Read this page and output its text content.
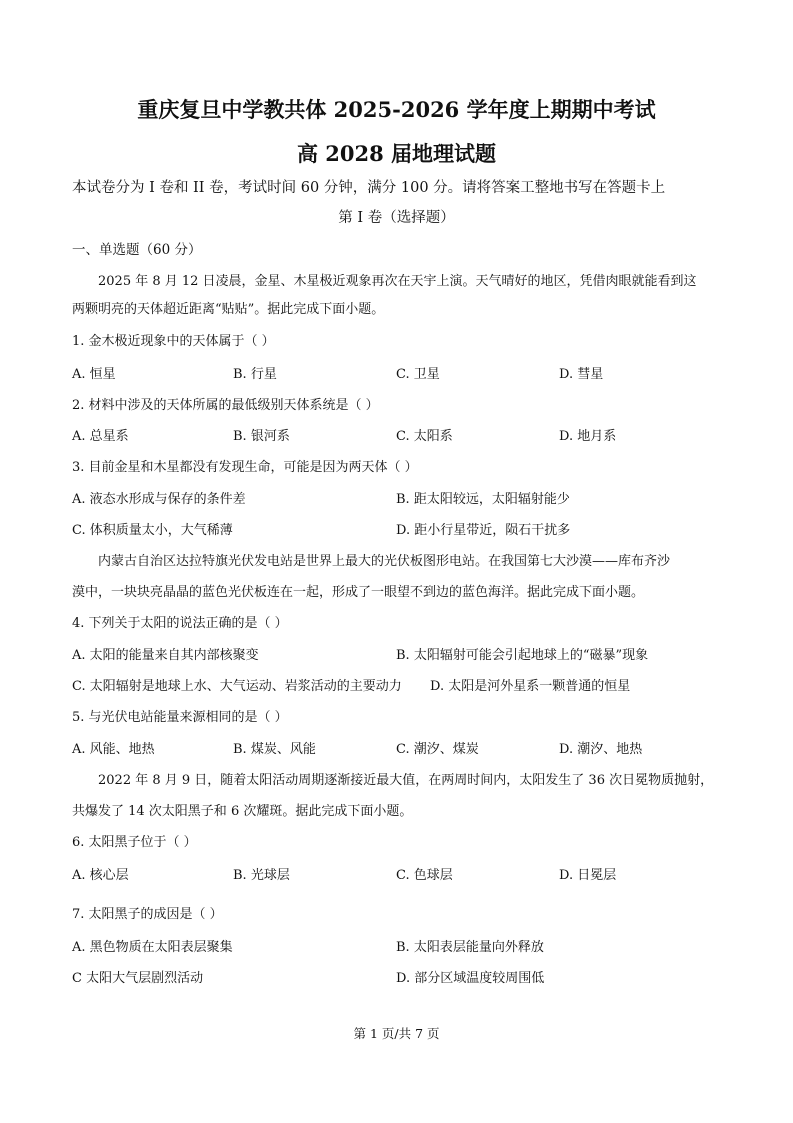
重庆复旦中学教共体 2025-2026 学年度上期期中考试
高 2028 届地理试题
本试卷分为 I 卷和 II 卷，考试时间 60 分钟，满分 100 分。请将答案工整地书写在答题卡上
第 I 卷（选择题）
一、单选题（60 分）
2025 年 8 月 12 日凌晨，金星、木星极近观象再次在天宇上演。天气晴好的地区，凭借肉眼就能看到这
两颗明亮的天体超近距离“贴贴”。据此完成下面小题。
1. 金木极近现象中的天体属于（ ）
A. 恒星	B. 行星	C. 卫星	D. 彗星
2. 材料中涉及的天体所属的最低级别天体系统是（ ）
A. 总星系	B. 银河系	C. 太阳系	D. 地月系
3. 目前金星和木星都没有发现生命，可能是因为两天体（ ）
A. 液态水形成与保存的条件差	B. 距太阳较远，太阳辐射能少
C. 体积质量太小，大气稀薄	D. 距小行星带近，陨石干扰多
内蒙古自治区达拉特旗光伏发电站是世界上最大的光伏板图形电站。在我国第七大沙漠——库布齐沙
漠中，一块块亮晶晶的蓝色光伏板连在一起，形成了一眼望不到边的蓝色海洋。据此完成下面小题。
4. 下列关于太阳的说法正确的是（ ）
A. 太阳的能量来自其内部核聚变	B. 太阳辐射可能会引起地球上的“磁暴”现象
C. 太阳辐射是地球上水、大气运动、岩浆活动的主要动力 D. 太阳是河外星系一颗普通的恒星
5. 与光伏电站能量来源相同的是（ ）
A. 风能、地热	B. 煤炭、风能	C. 潮汐、煤炭	D. 潮汐、地热
2022 年 8 月 9 日，随着太阳活动周期逐渐接近最大值，在两周时间内，太阳发生了 36 次日冕物质抛射，
共爆发了 14 次太阳黑子和 6 次耀斑。据此完成下面小题。
6. 太阳黑子位于（ ）
A. 核心层	B. 光球层	C. 色球层	D. 日冕层
7. 太阳黑子的成因是（ ）
A. 黑色物质在太阳表层聚集	B. 太阳表层能量向外释放
C 太阳大气层剧烈活动	D. 部分区域温度较周围低
第 1 页/共 7 页
